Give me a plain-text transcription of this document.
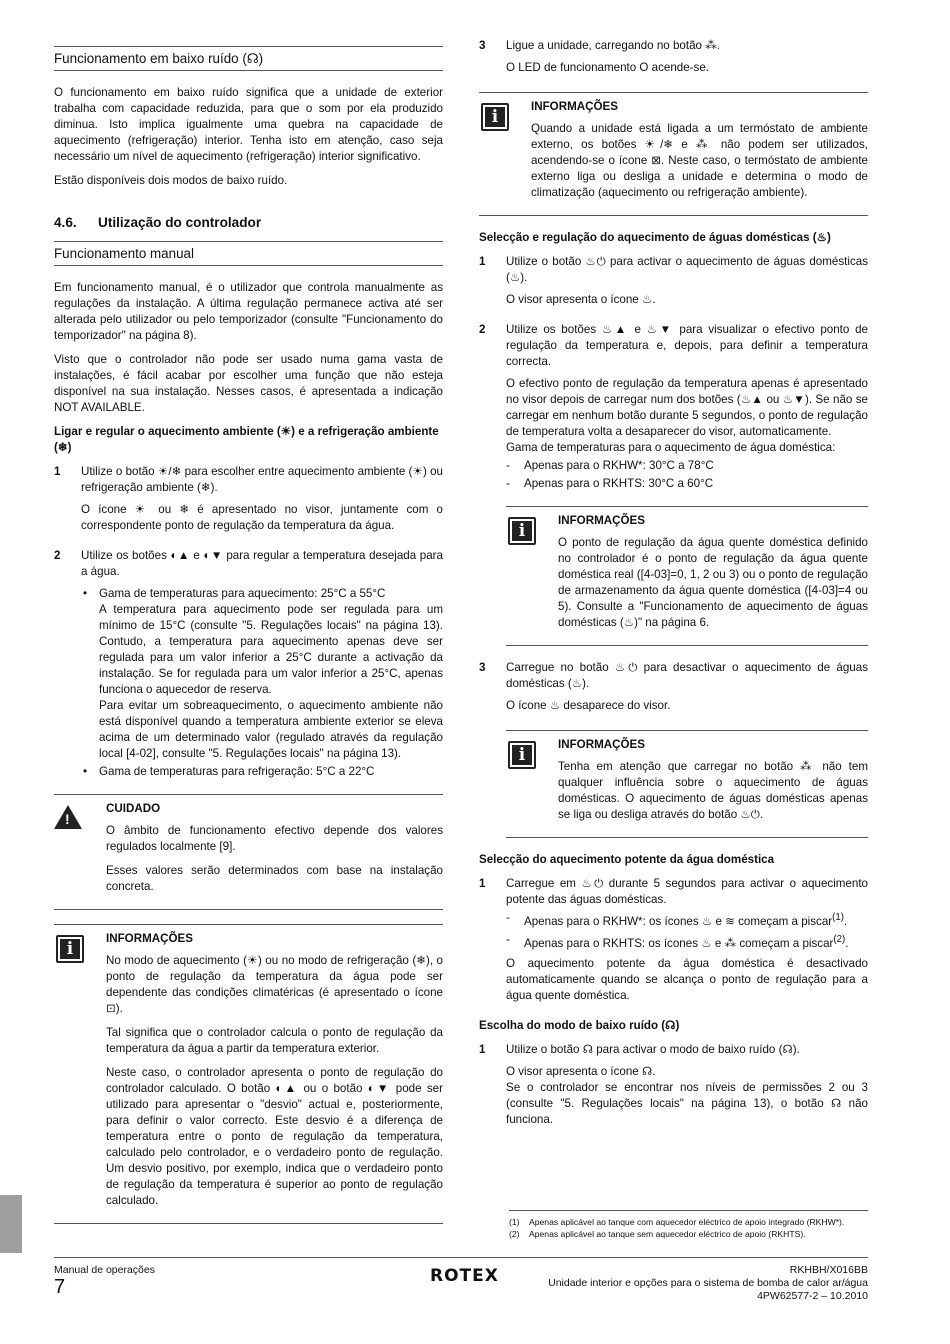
Funcionamento em baixo ruído (☊)

O funcionamento em baixo ruído significa que a unidade de exterior trabalha com capacidade reduzida, para que o som por ela produzido diminua. Isto implica igualmente uma quebra na capacidade de aquecimento (refrigeração) interior. Tenha isto em atenção, caso seja necessário um nível de aquecimento (refrigeração) interior significativo.

Estão disponíveis dois modos de baixo ruído.

4.6. Utilização do controlador
Funcionamento manual

Em funcionamento manual, é o utilizador que controla manualmente as regulações da instalação. A última regulação permanece activa até ser alterada pelo utilizador ou pelo temporizador (consulte "Funcionamento do temporizador" na página 8).

Visto que o controlador não pode ser usado numa gama vasta de instalações, é fácil acabar por escolher uma função que não esteja disponível na sua instalação. Nesses casos, é apresentada a indicação NOT AVAILABLE.

Ligar e regular o aquecimento ambiente (☀) e a refrigeração ambiente (❄)
1	Utilize o botão ☀/❄ para escolher entre aquecimento ambiente (☀) ou refrigeração ambiente (❄).

O ícone ☀ ou ❄ é apresentado no visor, juntamente com o correspondente ponto de regulação da temperatura da água.

2	Utilize os botões ◐▲ e ◐▼ para regular a temperatura desejada para a água.

• Gama de temperaturas para aquecimento: 25°C a 55°C
A temperatura para aquecimento pode ser regulada para um mínimo de 15°C (consulte "5. Regulações locais" na página 13). Contudo, a temperatura para aquecimento apenas deve ser regulada para um valor inferior a 25°C durante a activação da instalação. Se for regulada para um valor inferior a 25°C, apenas funciona o aquecedor de reserva.
Para evitar um sobreaquecimento, o aquecimento ambiente não está disponível quando a temperatura ambiente exterior se eleva acima de um determinado valor (regulado através da regulação local [4-02], consulte "5. Regulações locais" na página 13).
• Gama de temperaturas para refrigeração: 5°C a 22°C
!
CUIDADO

O âmbito de funcionamento efectivo depende dos valores regulados localmente [9].

Esses valores serão determinados com base na instalação concreta.

i
INFORMAÇÕES

No modo de aquecimento (☀) ou no modo de refrigeração (❄), o ponto de regulação da temperatura da água pode ser dependente das condições climatéricas (é apresentado o ícone ⊡).

Tal significa que o controlador calcula o ponto de regulação da temperatura da água a partir da temperatura exterior.

Neste caso, o controlador apresenta o ponto de regulação do controlador calculado. O botão ◐▲ ou o botão ◐▼ pode ser utilizado para apresentar o "desvio" actual e, posteriormente, para definir o valor correcto. Este desvio é a diferença de temperatura entre o ponto de regulação da temperatura, calculado pelo controlador, e o verdadeiro ponto de regulação. Um desvio positivo, por exemplo, indica que o verdadeiro ponto de regulação da temperatura é superior ao ponto de regulação calculado.

3	Ligue a unidade, carregando no botão ⁂.

O LED de funcionamento O acende-se.

i
INFORMAÇÕES

Quando a unidade está ligada a um termóstato de ambiente externo, os botões ☀/❄ e ⁂ não podem ser utilizados, acendendo-se o ícone ⊠. Neste caso, o termóstato de ambiente externo liga ou desliga a unidade e determina o modo de climatização (aquecimento ou refrigeração ambiente).

Selecção e regulação do aquecimento de águas domésticas (♨)
1	Utilize o botão ♨⏻ para activar o aquecimento de águas domésticas (♨).

O visor apresenta o ícone ♨.

2	Utilize os botões ♨▲ e ♨▼ para visualizar o efectivo ponto de regulação da temperatura e, depois, para definir a temperatura correcta.

O efectivo ponto de regulação da temperatura apenas é apresentado no visor depois de carregar num dos botões (♨▲ ou ♨▼). Se não se carregar em nenhum botão durante 5 segundos, o ponto de regulação de temperatura volta a desaparecer do visor, automaticamente.

Gama de temperaturas para o aquecimento de água doméstica:

- Apenas para o RKHW*: 30°C a 78°C
- Apenas para o RKHTS: 30°C a 60°C
i
INFORMAÇÕES

O ponto de regulação da água quente doméstica definido no controlador é o ponto de regulação da água quente doméstica real ([4-03]=0, 1, 2 ou 3) ou o ponto de regulação de armazenamento da água quente doméstica ([4-03]=4 ou 5). Consulte a "Funcionamento de aquecimento de águas domésticas (♨)" na página 6.

3	Carregue no botão ♨⏻ para desactivar o aquecimento de águas domésticas (♨).

O ícone ♨ desaparece do visor.

i
INFORMAÇÕES

Tenha em atenção que carregar no botão ⁂ não tem qualquer influência sobre o aquecimento de águas domésticas. O aquecimento de águas domésticas apenas se liga ou desliga através do botão ♨⏻.

Selecção do aquecimento potente da água doméstica
1	Carregue em ♨⏻ durante 5 segundos para activar o aquecimento potente das águas domésticas.

- Apenas para o RKHW*: os ícones ♨ e ≋ começam a piscar$^{(1)}$.
- Apenas para o RKHTS: os ícones ♨ e ⁂ começam a piscar$^{(2)}$.

O aquecimento potente da água doméstica é desactivado automaticamente quando se alcança o ponto de regulação para a água quente doméstica.

Escolha do modo de baixo ruído (☊)
1	Utilize o botão ☊ para activar o modo de baixo ruído (☊).

O visor apresenta o ícone ☊.

Se o controlador se encontrar nos níveis de permissões 2 ou 3 (consulte "5. Regulações locais" na página 13), o botão ☊ não funciona.

(1)	Apenas aplicável ao tanque com aquecedor eléctrico de apoio integrado (RKHW*).
(2)	Apenas aplicável ao tanque sem aquecedor eléctrico de apoio (RKHTS).
Manual de operações
7	ROTEX	RKHBH/X016BB
Unidade interior e opções para o sistema de bomba de calor ar/água
4PW62577-2 – 10.2010
